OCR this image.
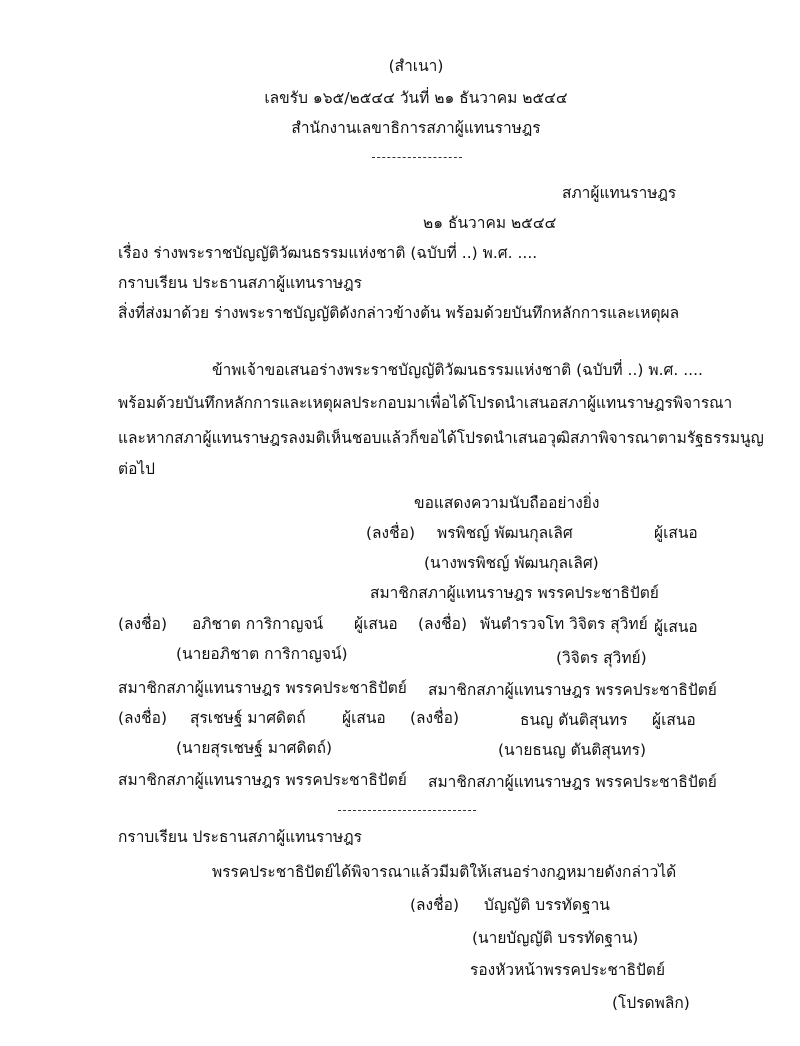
(สำเนา)
เลขรับ ๑๖๕/๒๕๔๔ วันที่ ๒๑ ธันวาคม ๒๕๔๔
สำนักงานเลขาธิการสภาผู้แทนราษฎร
สภาผู้แทนราษฎร
๒๑ ธันวาคม ๒๕๔๔
เรื่อง ร่างพระราชบัญญัติวัฒนธรรมแห่งชาติ (ฉบับที่ ..) พ.ศ. ....
กราบเรียน ประธานสภาผู้แทนราษฎร
สิ่งที่ส่งมาด้วย ร่างพระราชบัญญัติดังกล่าวข้างต้น พร้อมด้วยบันทึกหลักการและเหตุผล
ข้าพเจ้าขอเสนอร่างพระราชบัญญัติวัฒนธรรมแห่งชาติ (ฉบับที่ ..) พ.ศ. ....
พร้อมด้วยบันทึกหลักการและเหตุผลประกอบมาเพื่อได้โปรดนำเสนอสภาผู้แทนราษฎรพิจารณา
และหากสภาผู้แทนราษฎรลงมติเห็นชอบแล้วก็ขอได้โปรดนำเสนอวุฒิสภาพิจารณาตามรัฐธรรมนูญ
ต่อไป
ขอแสดงความนับถืออย่างยิ่ง
(ลงชื่อ) พรพิชญ์ พัฒนกุลเลิศ	ผู้เสนอ
(นางพรพิชญ์ พัฒนกุลเลิศ)
สมาชิกสภาผู้แทนราษฎร พรรคประชาธิปัตย์
(ลงชื่อ) อภิชาต การิกาญจน์ ผู้เสนอ (ลงชื่อ) พันตำรวจโท วิจิตร สุวิทย์ ผู้เสนอ
(นายอภิชาต การิกาญจน์)	(วิจิตร สุวิทย์)
สมาชิกสภาผู้แทนราษฎร พรรคประชาธิปัตย์ สมาชิกสภาผู้แทนราษฎร พรรคประชาธิปัตย์
(ลงชื่อ) สุรเชษฐ์ มาศดิตถ์ ผู้เสนอ (ลงชื่อ)	ธนญ ตันติสุนทร ผู้เสนอ
(นายสุรเชษฐ์ มาศดิตถ์)	(นายธนญ ตันติสุนทร)
สมาชิกสภาผู้แทนราษฎร พรรคประชาธิปัตย์ สมาชิกสภาผู้แทนราษฎร พรรคประชาธิปัตย์
กราบเรียน ประธานสภาผู้แทนราษฎร
พรรคประชาธิปัตย์ได้พิจารณาแล้วมีมติให้เสนอร่างกฎหมายดังกล่าวได้
(ลงชื่อ) บัญญัติ บรรทัดฐาน
(นายบัญญัติ บรรทัดฐาน)
รองหัวหน้าพรรคประชาธิปัตย์
(โปรดพลิก)
